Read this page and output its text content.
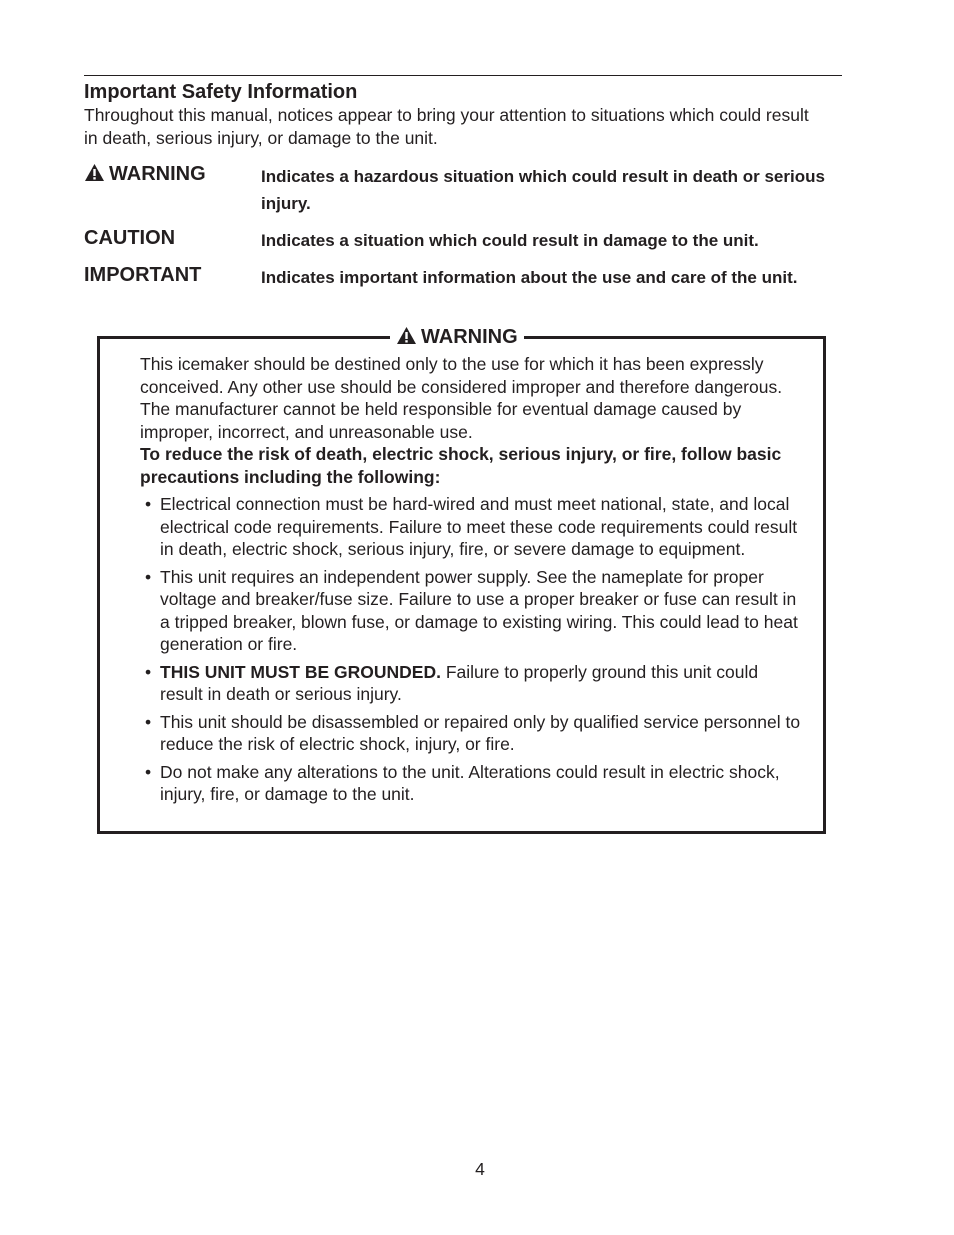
Important Safety Information

Throughout this manual, notices appear to bring your attention to situations which could result in death, serious injury, or damage to the unit.

WARNING	Indicates a hazardous situation which could result in death or serious injury.
CAUTION	Indicates a situation which could result in damage to the unit.
IMPORTANT	Indicates important information about the use and care of the unit.
WARNING

This icemaker should be destined only to the use for which it has been expressly conceived. Any other use should be considered improper and therefore dangerous. The manufacturer cannot be held responsible for eventual damage caused by improper, incorrect, and unreasonable use.

To reduce the risk of death, electric shock, serious injury, or fire, follow basic precautions including the following:

• Electrical connection must be hard-wired and must meet national, state, and local electrical code requirements. Failure to meet these code requirements could result in death, electric shock, serious injury, fire, or severe damage to equipment.
• This unit requires an independent power supply. See the nameplate for proper voltage and breaker/fuse size. Failure to use a proper breaker or fuse can result in a tripped breaker, blown fuse, or damage to existing wiring. This could lead to heat generation or fire.
• THIS UNIT MUST BE GROUNDED. Failure to properly ground this unit could result in death or serious injury.
• This unit should be disassembled or repaired only by qualified service personnel to reduce the risk of electric shock, injury, or fire.
• Do not make any alterations to the unit. Alterations could result in electric shock, injury, fire, or damage to the unit.
4
